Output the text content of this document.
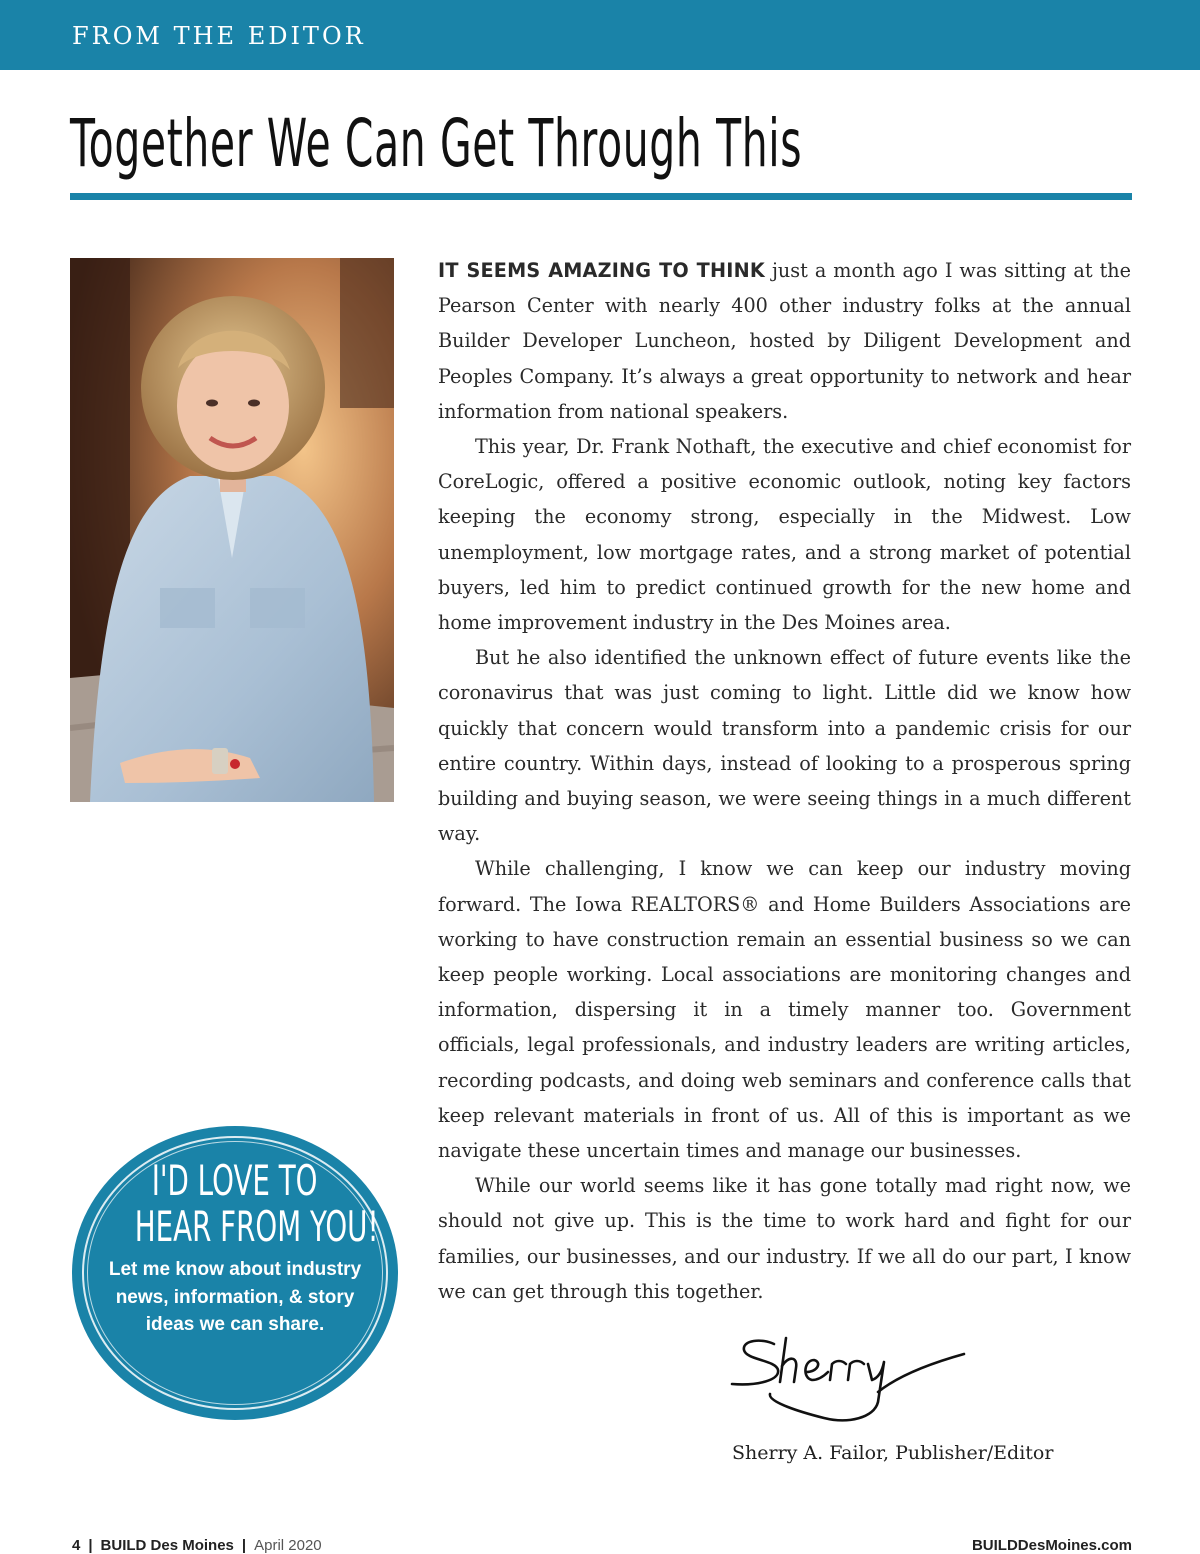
FROM THE EDITOR
Together We Can Get Through This

IT SEEMS AMAZING TO THINK just a month ago I was sitting at the Pearson Center with nearly 400 other industry folks at the annual Builder Developer Luncheon, hosted by Diligent Development and Peoples Company. It’s always a great opportunity to network and hear information from national speakers.

This year, Dr. Frank Nothaft, the executive and chief economist for CoreLogic, offered a positive economic outlook, noting key factors keeping the economy strong, especially in the Midwest. Low unemployment, low mortgage rates, and a strong market of potential buyers, led him to predict continued growth for the new home and home improvement industry in the Des Moines area.

But he also identified the unknown effect of future events like the coronavirus that was just coming to light. Little did we know how quickly that concern would transform into a pandemic crisis for our entire country. Within days, instead of looking to a prosperous spring building and buying season, we were seeing things in a much different way.

While challenging, I know we can keep our industry moving forward. The Iowa REALTORS® and Home Builders Associations are working to have construction remain an essential business so we can keep people working. Local associations are monitoring changes and information, dispersing it in a timely manner too. Government officials, legal professionals, and industry leaders are writing articles, recording podcasts, and doing web seminars and conference calls that keep relevant materials in front of us. All of this is important as we navigate these uncertain times and manage our businesses.

While our world seems like it has gone totally mad right now, we should not give up. This is the time to work hard and fight for our families, our businesses, and our industry. If we all do our part, I know we can get through this together.

I'D LOVE TO
HEAR FROM YOU!
Let me know about industry news, information, & story ideas we can share.
Sherry A. Failor, Publisher/Editor
4 | BUILD Des Moines | April 2020	BUILDDesMoines.com
